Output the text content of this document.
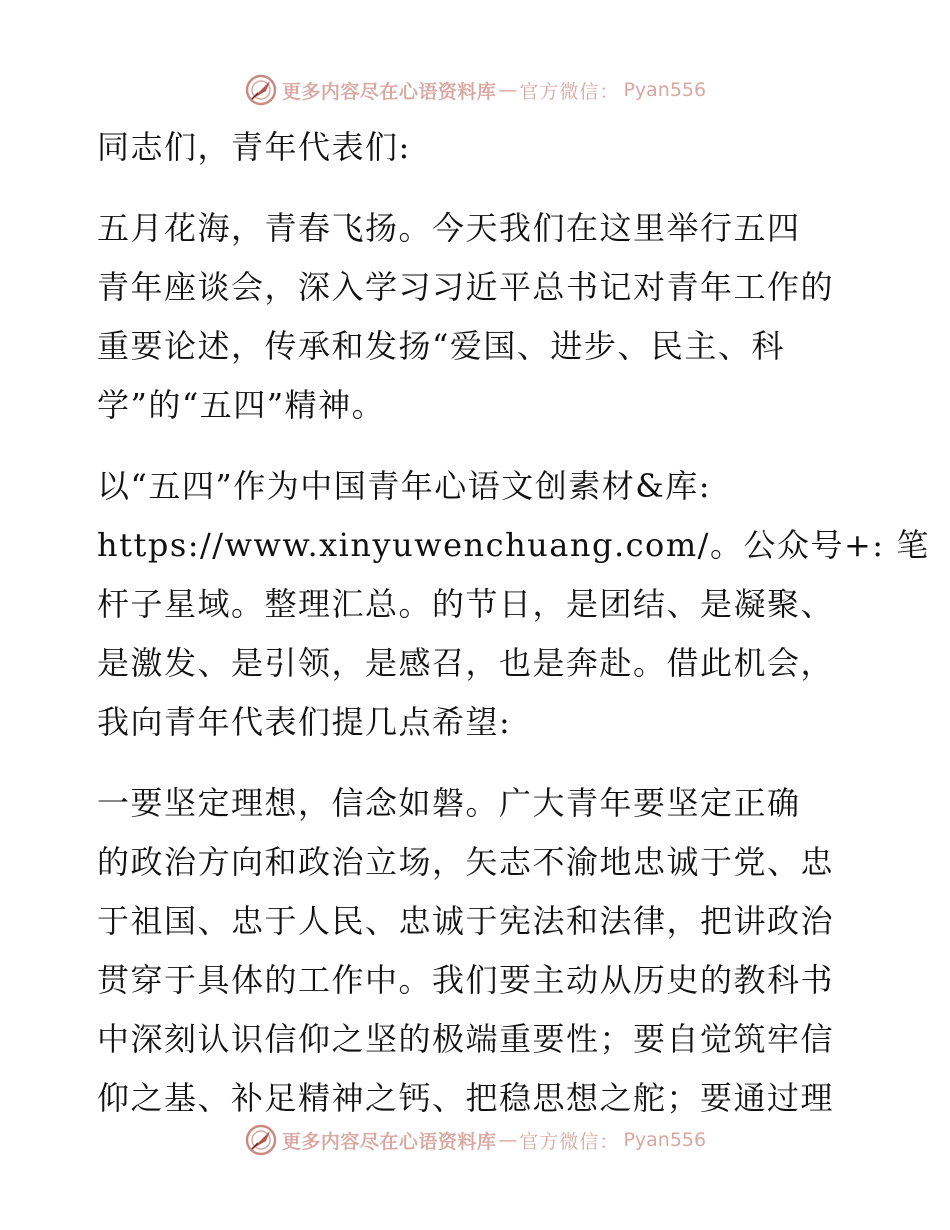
更多内容尽在心语资料库 — 官方微信： Pyan556
同志们，青年代表们:
五月花海，青春飞扬。今天我们在这里举行五四
青年座谈会，深入学习习近平总书记对青年工作的
重要论述，传承和发扬“爱国、进步、民主、科
学”的“五四”精神。
以“五四”作为中国青年心语文创素材&库:
https://www.xinyuwenchuang.com/。公众号+: 笔
杆子星域。整理汇总。的节日，是团结、是凝聚、
是激发、是引领，是感召，也是奔赴。借此机会，
我向青年代表们提几点希望:
一要坚定理想，信念如磐。广大青年要坚定正确
的政治方向和政治立场，矢志不渝地忠诚于党、忠
于祖国、忠于人民、忠诚于宪法和法律，把讲政治
贯穿于具体的工作中。我们要主动从历史的教科书
中深刻认识信仰之坚的极端重要性；要自觉筑牢信
仰之基、补足精神之钙、把稳思想之舵；要通过理
更多内容尽在心语资料库 — 官方微信： Pyan556
